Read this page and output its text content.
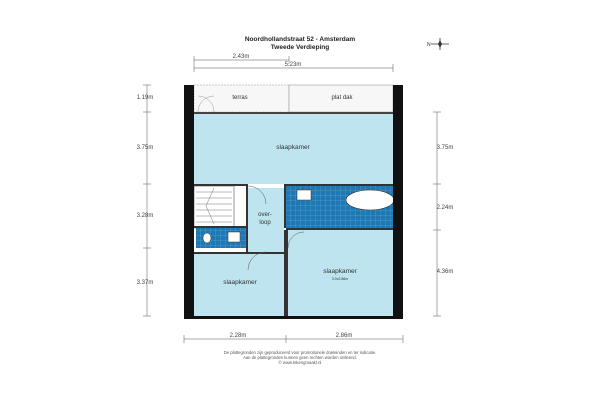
Noordhollandstraat 52 - Amsterdam
Tweede Verdieping	N
terras	plat dak
slaapkamer
over-
loop
slaapkamer
slaapkamer
3.0x2.86m
2.43m
5.23m
2.28m	2.86m
1.19m
3.75m
3.28m
3.37m
3.75m
2.24m
4.36m
De plattegronden zijn geproduceerd voor promotionele doeleinden en ter indicatie.
Aan de plattegronden kunnen geen rechten worden ontleend.
© www.tekengmaakt.nl
